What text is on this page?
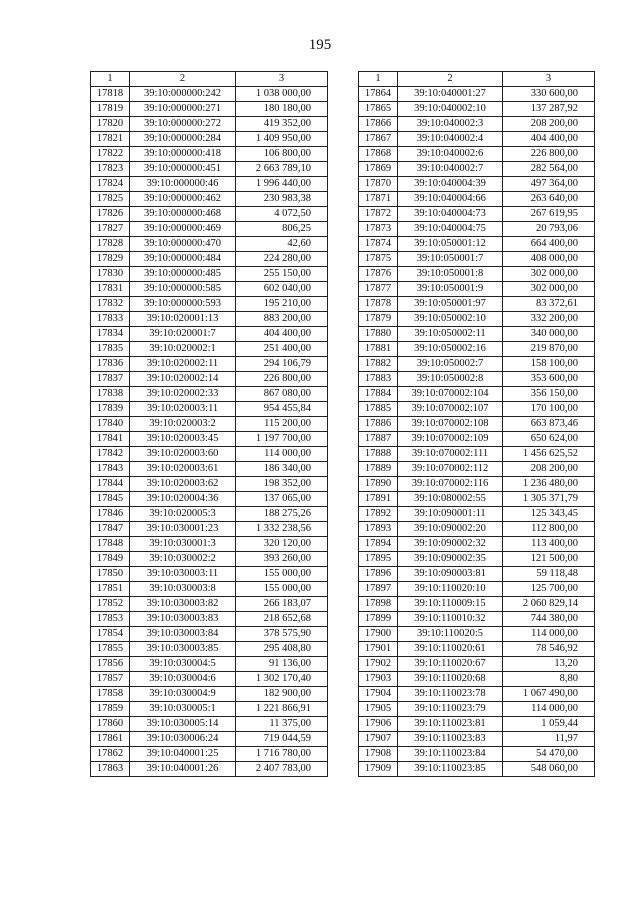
195
1	2	3
17818	39:10:000000:242	1 038 000,00
17819	39:10:000000:271	180 180,00
17820	39:10:000000:272	419 352,00
17821	39:10:000000:284	1 409 950,00
17822	39:10:000000:418	106 800,00
17823	39:10:000000:451	2 663 789,10
17824	39:10:000000:46	1 996 440,00
17825	39:10:000000:462	230 983,38
17826	39:10:000000:468	4 072,50
17827	39:10:000000:469	806,25
17828	39:10:000000:470	42,60
17829	39:10:000000:484	224 280,00
17830	39:10:000000:485	255 150,00
17831	39:10:000000:585	602 040,00
17832	39:10:000000:593	195 210,00
17833	39:10:020001:13	883 200,00
17834	39:10:020001:7	404 400,00
17835	39:10:020002:1	251 400,00
17836	39:10:020002:11	294 106,79
17837	39:10:020002:14	226 800,00
17838	39:10:020002:33	867 080,00
17839	39:10:020003:11	954 455,84
17840	39:10:020003:2	115 200,00
17841	39:10:020003:45	1 197 700,00
17842	39:10:020003:60	114 000,00
17843	39:10:020003:61	186 340,00
17844	39:10:020003:62	198 352,00
17845	39:10:020004:36	137 065,00
17846	39:10:020005:3	188 275,26
17847	39:10:030001:23	1 332 238,56
17848	39:10:030001:3	320 120,00
17849	39:10:030002:2	393 260,00
17850	39:10:030003:11	155 000,00
17851	39:10:030003:8	155 000,00
17852	39:10:030003:82	266 183,07
17853	39:10:030003:83	218 652,68
17854	39:10:030003:84	378 575,90
17855	39:10:030003:85	295 408,80
17856	39:10:030004:5	91 136,00
17857	39:10:030004:6	1 302 170,40
17858	39:10:030004:9	182 900,00
17859	39:10:030005:1	1 221 866,91
17860	39:10:030005:14	11 375,00
17861	39:10:030006:24	719 044,59
17862	39:10:040001:25	1 716 780,00
17863	39:10:040001:26	2 407 783,00
1	2	3
17864	39:10:040001:27	330 600,00
17865	39:10:040002:10	137 287,92
17866	39:10:040002:3	208 200,00
17867	39:10:040002:4	404 400,00
17868	39:10:040002:6	226 800,00
17869	39:10:040002:7	282 564,00
17870	39:10:040004:39	497 364,00
17871	39:10:040004:66	263 640,00
17872	39:10:040004:73	267 619,95
17873	39:10:040004:75	20 793,06
17874	39:10:050001:12	664 400,00
17875	39:10:050001:7	408 000,00
17876	39:10:050001:8	302 000,00
17877	39:10:050001:9	302 000,00
17878	39:10:050001:97	83 372,61
17879	39:10:050002:10	332 200,00
17880	39:10:050002:11	340 000,00
17881	39:10:050002:16	219 870,00
17882	39:10:050002:7	158 100,00
17883	39:10:050002:8	353 600,00
17884	39:10:070002:104	356 150,00
17885	39:10:070002:107	170 100,00
17886	39:10:070002:108	663 873,46
17887	39:10:070002:109	650 624,00
17888	39:10:070002:111	1 456 625,52
17889	39:10:070002:112	208 200,00
17890	39:10:070002:116	1 236 480,00
17891	39:10:080002:55	1 305 371,79
17892	39:10:090001:11	125 343,45
17893	39:10:090002:20	112 800,00
17894	39:10:090002:32	113 400,00
17895	39:10:090002:35	121 500,00
17896	39:10:090003:81	59 118,48
17897	39:10:110020:10	125 700,00
17898	39:10:110009:15	2 060 829,14
17899	39:10:110010:32	744 380,00
17900	39:10:110020:5	114 000,00
17901	39:10:110020:61	78 546,92
17902	39:10:110020:67	13,20
17903	39:10:110020:68	8,80
17904	39:10:110023:78	1 067 490,00
17905	39:10:110023:79	114 000,00
17906	39:10:110023:81	1 059,44
17907	39:10:110023:83	11,97
17908	39:10:110023:84	54 470,00
17909	39:10:110023:85	548 060,00
